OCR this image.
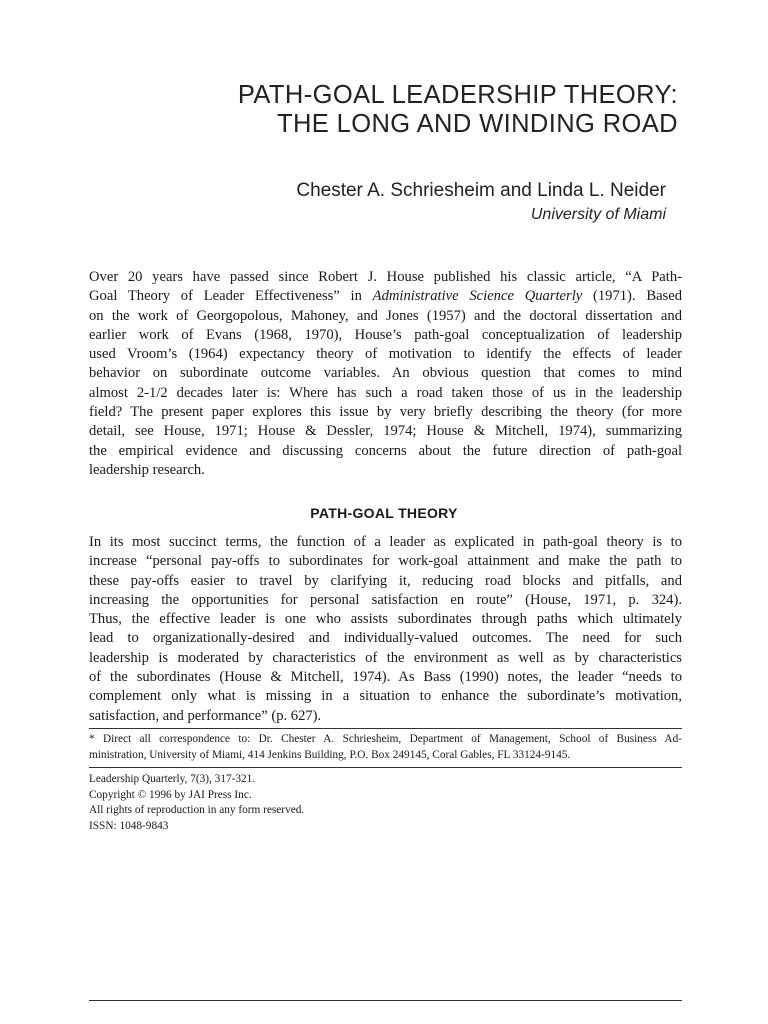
PATH-GOAL LEADERSHIP THEORY:
THE LONG AND WINDING ROAD
Chester A. Schriesheim and Linda L. Neider
University of Miami
Over 20 years have passed since Robert J. House published his classic article, “A Path-
Goal Theory of Leader Effectiveness” in Administrative Science Quarterly (1971). Based
on the work of Georgopolous, Mahoney, and Jones (1957) and the doctoral dissertation and
earlier work of Evans (1968, 1970), House’s path-goal conceptualization of leadership
used Vroom’s (1964) expectancy theory of motivation to identify the effects of leader
behavior on subordinate outcome variables. An obvious question that comes to mind
almost 2-1/2 decades later is: Where has such a road taken those of us in the leadership
field? The present paper explores this issue by very briefly describing the theory (for more
detail, see House, 1971; House & Dessler, 1974; House & Mitchell, 1974), summarizing
the empirical evidence and discussing concerns about the future direction of path-goal
leadership research.
PATH-GOAL THEORY
In its most succinct terms, the function of a leader as explicated in path-goal theory is to
increase “personal pay-offs to subordinates for work-goal attainment and make the path to
these pay-offs easier to travel by clarifying it, reducing road blocks and pitfalls, and
increasing the opportunities for personal satisfaction en route” (House, 1971, p. 324).
Thus, the effective leader is one who assists subordinates through paths which ultimately
lead to organizationally-desired and individually-valued outcomes. The need for such
leadership is moderated by characteristics of the environment as well as by characteristics
of the subordinates (House & Mitchell, 1974). As Bass (1990) notes, the leader “needs to
complement only what is missing in a situation to enhance the subordinate’s motivation,
satisfaction, and performance” (p. 627).
* Direct all correspondence to: Dr. Chester A. Schriesheim, Department of Management, School of Business Ad-
ministration, University of Miami, 414 Jenkins Building, P.O. Box 249145, Coral Gables, FL 33124-9145.
Leadership Quarterly, 7(3), 317-321.
Copyright © 1996 by JAI Press Inc.
All rights of reproduction in any form reserved.
ISSN: 1048-9843
